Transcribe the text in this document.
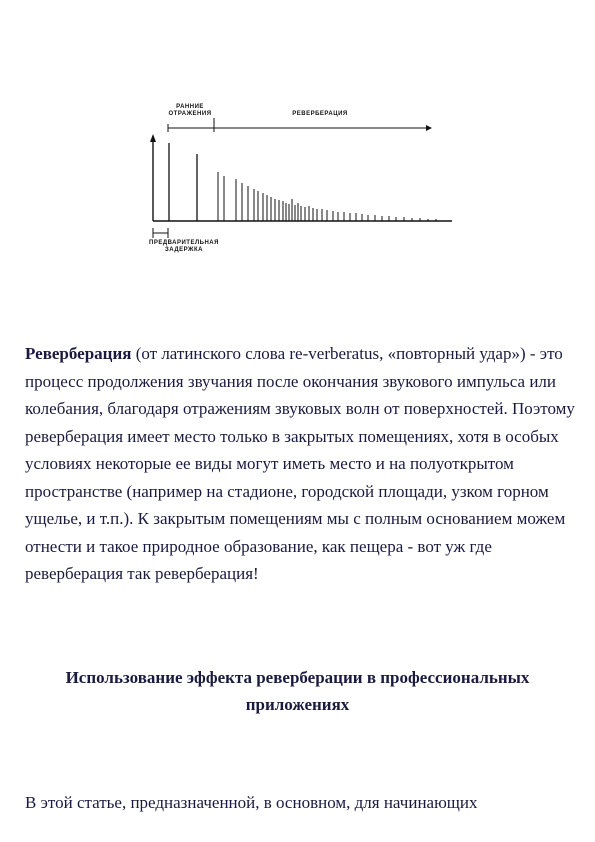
РАННИЕ
ОТРАЖЕНИЯ	РЕВЕРБЕРАЦИЯ
ПРЕДВАРИТЕЛЬНАЯ
ЗАДЕРЖКА

Реверберация (от латинского слова re-verberatus, «повторный удар») - это процесс продолжения звучания после окончания звукового импульса или колебания, благодаря отражениям звуковых волн от поверхностей. Поэтому реверберация имеет место только в закрытых помещениях, хотя в особых условиях некоторые ее виды могут иметь место и на полуоткрытом пространстве (например на стадионе, городской площади, узком горном ущелье, и т.п.). К закрытым помещениям мы с полным основанием можем отнести и такое природное образование, как пещера - вот уж где реверберация так реверберация!

Использование эффекта реверберации в профессиональных приложениях

В этой статье, предназначенной, в основном, для начинающих
